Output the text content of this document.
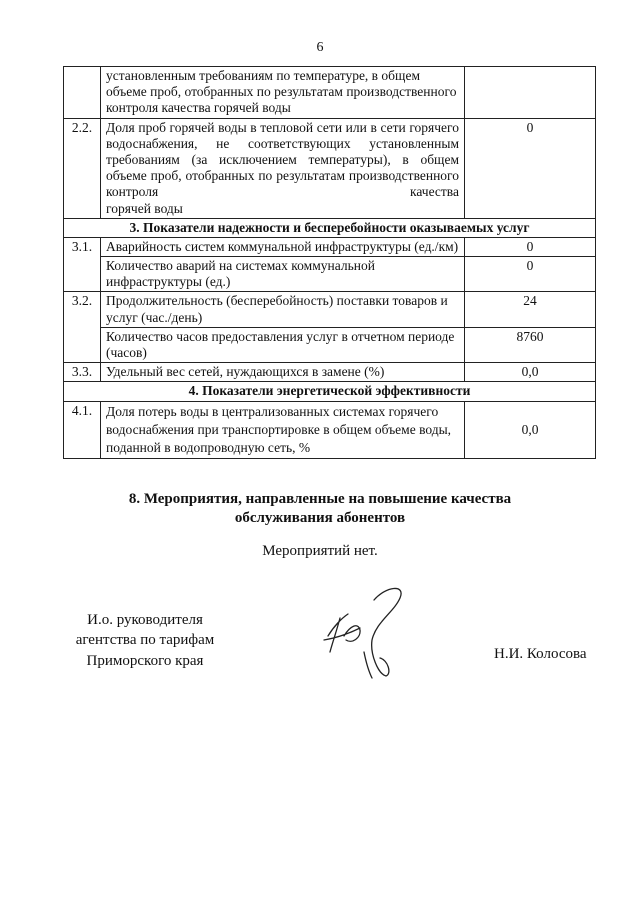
6
	установленным требованиям по температуре, в общем объеме проб, отобранных по результатам производственного контроля качества горячей воды	
2.2.	Доля проб горячей воды в тепловой сети или в сети горячего водоснабжения, не соответствующих установленным требованиям (за исключением температуры), в общем объеме проб, отобранных по результатам производственного контроля качества
горячей воды	0
3. Показатели надежности и бесперебойности оказываемых услуг		
3.1.	Аварийность систем коммунальной инфраструктуры (ед./км)	0
	Количество аварий на системах коммунальной инфраструктуры (ед.)	0
3.2.	Продолжительность (бесперебойность) поставки товаров и услуг (час./день)	24
	Количество часов предоставления услуг в отчетном периоде (часов)	8760
3.3.	Удельный вес сетей, нуждающихся в замене (%)	0,0
4. Показатели энергетической эффективности		
4.1.	Доля потерь воды в централизованных системах горячего водоснабжения при транспортировке в общем объеме воды, поданной в водопроводную сеть, %	0,0
8. Мероприятия, направленные на повышение качества
обслуживания абонентов
Мероприятий нет.
И.о. руководителя
агентства по тарифам
Приморского края	Н.И. Колосова
